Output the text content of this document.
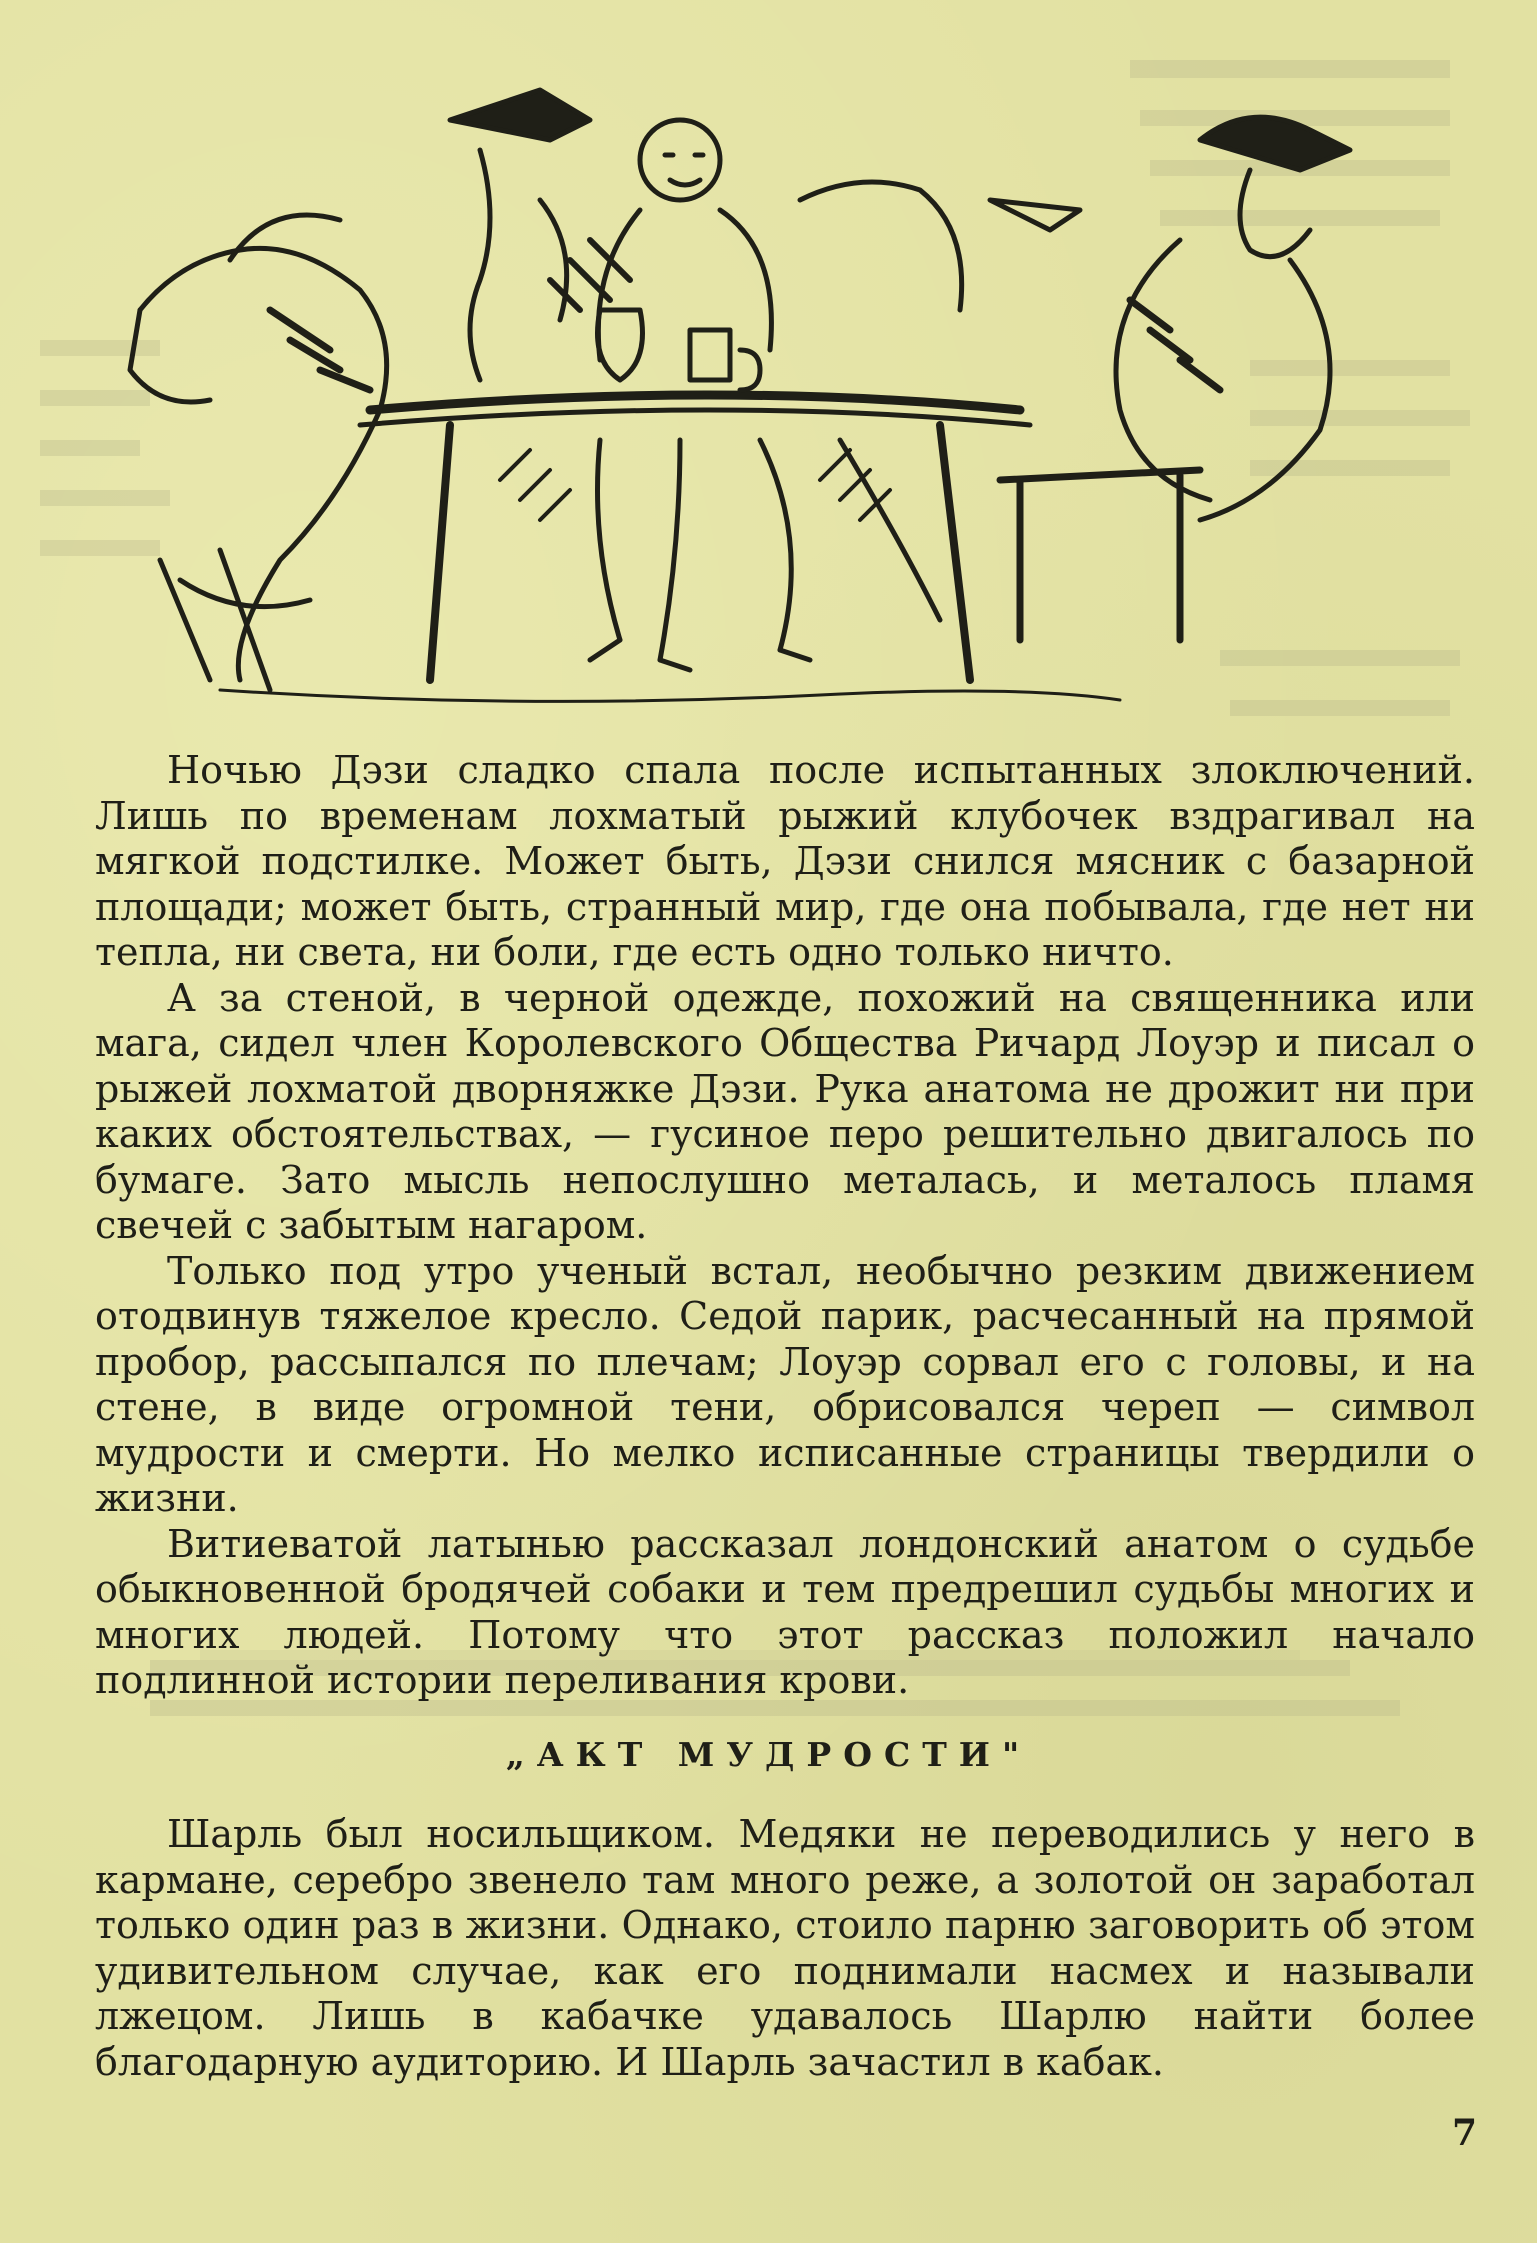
Ночью Дэзи сладко спала после испытанных злоключений. Лишь по временам лохматый рыжий клубочек вздрагивал на мягкой подстилке. Может быть, Дэзи снился мясник с базарной площади; может быть, странный мир, где она побывала, где нет ни тепла, ни света, ни боли, где есть одно только ничто.

А за стеной, в черной одежде, похожий на священника или мага, сидел член Королевского Общества Ричард Лоуэр и писал о рыжей лохматой дворняжке Дэзи. Рука анатома не дрожит ни при каких обстоятельствах, — гусиное перо решительно двигалось по бумаге. Зато мысль непослушно металась, и металось пламя свечей с забытым нагаром.

Только под утро ученый встал, необычно резким движением отодвинув тяжелое кресло. Седой парик, расчесанный на прямой пробор, рассыпался по плечам; Лоуэр сорвал его с головы, и на стене, в виде огромной тени, обрисовался череп — символ мудрости и смерти. Но мелко исписанные страницы твердили о жизни.

Витиеватой латынью рассказал лондонский анатом о судьбе обыкновенной бродячей собаки и тем предрешил судьбы многих и многих людей. Потому что этот рассказ положил начало подлинной истории переливания крови.

„АКТ МУДРОСТИ"

Шарль был носильщиком. Медяки не переводились у него в кармане, серебро звенело там много реже, а золотой он заработал только один раз в жизни. Однако, стоило парню заговорить об этом удивительном случае, как его поднимали насмех и называли лжецом. Лишь в кабачке удавалось Шарлю найти более благодарную аудиторию. И Шарль зачастил в кабак.

7
